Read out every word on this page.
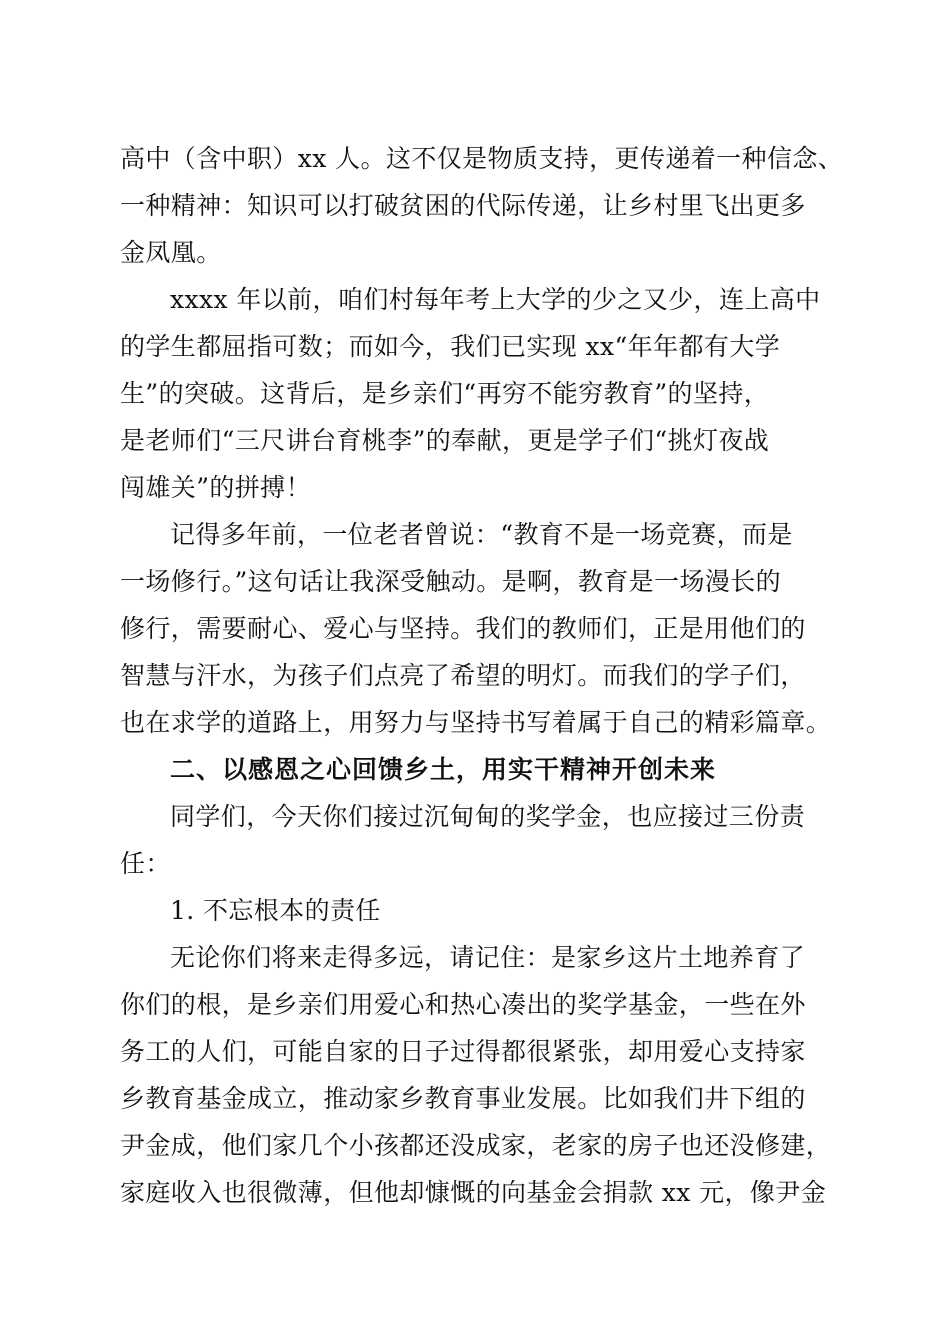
高中（含中职）xx 人。这不仅是物质支持，更传递着一种信念、
一种精神：知识可以打破贫困的代际传递，让乡村里飞出更多
金凤凰。
xxxx 年以前，咱们村每年考上大学的少之又少，连上高中
的学生都屈指可数；而如今，我们已实现 xx“年年都有大学
生”的突破。这背后，是乡亲们“再穷不能穷教育”的坚持，
是老师们“三尺讲台育桃李”的奉献，更是学子们“挑灯夜战
闯雄关”的拼搏！
记得多年前，一位老者曾说：“教育不是一场竞赛，而是
一场修行。”这句话让我深受触动。是啊，教育是一场漫长的
修行，需要耐心、爱心与坚持。我们的教师们，正是用他们的
智慧与汗水，为孩子们点亮了希望的明灯。而我们的学子们，
也在求学的道路上，用努力与坚持书写着属于自己的精彩篇章。
二、以感恩之心回馈乡土，用实干精神开创未来
同学们，今天你们接过沉甸甸的奖学金，也应接过三份责
任：
1. 不忘根本的责任
无论你们将来走得多远，请记住：是家乡这片土地养育了
你们的根，是乡亲们用爱心和热心凑出的奖学基金，一些在外
务工的人们，可能自家的日子过得都很紧张，却用爱心支持家
乡教育基金成立，推动家乡教育事业发展。比如我们井下组的
尹金成，他们家几个小孩都还没成家，老家的房子也还没修建，
家庭收入也很微薄，但他却慷慨的向基金会捐款 xx 元，像尹金
